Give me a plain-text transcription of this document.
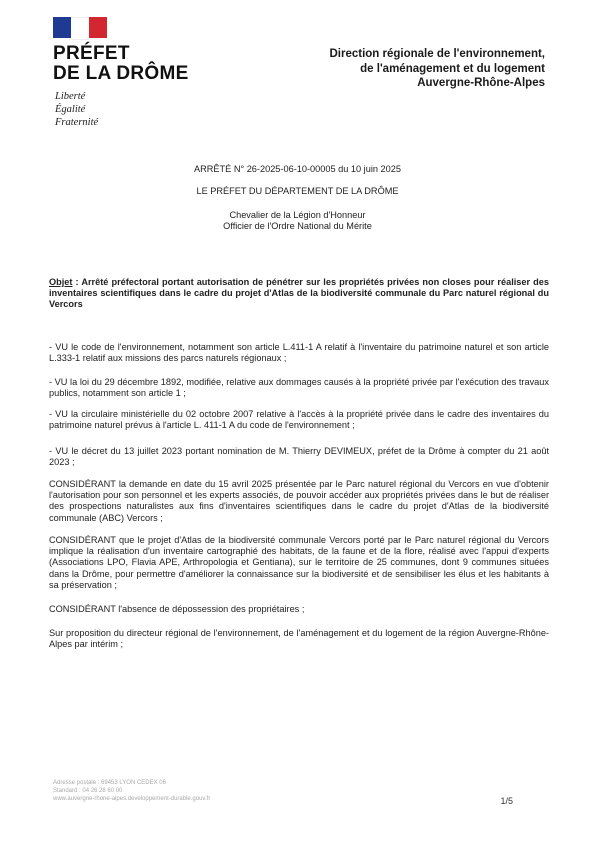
PRÉFET
DE LA DRÔME
Liberté
Égalité
Fraternité
Direction régionale de l'environnement,
de l'aménagement et du logement
Auvergne-Rhône-Alpes
ARRÊTÉ N° 26-2025-06-10-00005 du 10 juin 2025
LE PRÉFET DU DÉPARTEMENT DE LA DRÔME
Chevalier de la Légion d'Honneur
Officier de l'Ordre National du Mérite
Objet : Arrêté préfectoral portant autorisation de pénétrer sur les propriétés privées non closes pour réaliser des inventaires scientifiques dans le cadre du projet d'Atlas de la biodiversité communale du Parc naturel régional du Vercors
- VU le code de l'environnement, notamment son article L.411-1 A relatif à l'inventaire du patrimoine naturel et son article L.333-1 relatif aux missions des parcs naturels régionaux ;
- VU la loi du 29 décembre 1892, modifiée, relative aux dommages causés à la propriété privée par l'exécution des travaux publics, notamment son article 1 ;
- VU la circulaire ministérielle du 02 octobre 2007 relative à l'accès à la propriété privée dans le cadre des inventaires du patrimoine naturel prévus à l'article L. 411-1 A du code de l'environnement ;
- VU le décret du 13 juillet 2023 portant nomination de M. Thierry DEVIMEUX, préfet de la Drôme à compter du 21 août 2023 ;
CONSIDÉRANT la demande en date du 15 avril 2025 présentée par le Parc naturel régional du Vercors en vue d'obtenir l'autorisation pour son personnel et les experts associés, de pouvoir accéder aux propriétés privées dans le but de réaliser des prospections naturalistes aux fins d'inventaires scientifiques dans le cadre du projet d'Atlas de la biodiversité communale (ABC) Vercors ;
CONSIDÉRANT que le projet d'Atlas de la biodiversité communale Vercors porté par le Parc naturel régional du Vercors implique la réalisation d'un inventaire cartographié des habitats, de la faune et de la flore, réalisé avec l'appui d'experts (Associations LPO, Flavia APE, Arthropologia et Gentiana), sur le territoire de 25 communes, dont 9 communes situées dans la Drôme, pour permettre d'améliorer la connaissance sur la biodiversité et de sensibiliser les élus et les habitants à sa préservation ;
CONSIDÉRANT l'absence de dépossession des propriétaires ;
Sur proposition du directeur régional de l'environnement, de l'aménagement et du logement de la région Auvergne-Rhône-Alpes par intérim ;
Adresse postale : 69453 LYON CEDEX 06
Standard : 04 26 28 60 00
www.auvergne-rhone-alpes.developpement-durable.gouv.fr	1/5
